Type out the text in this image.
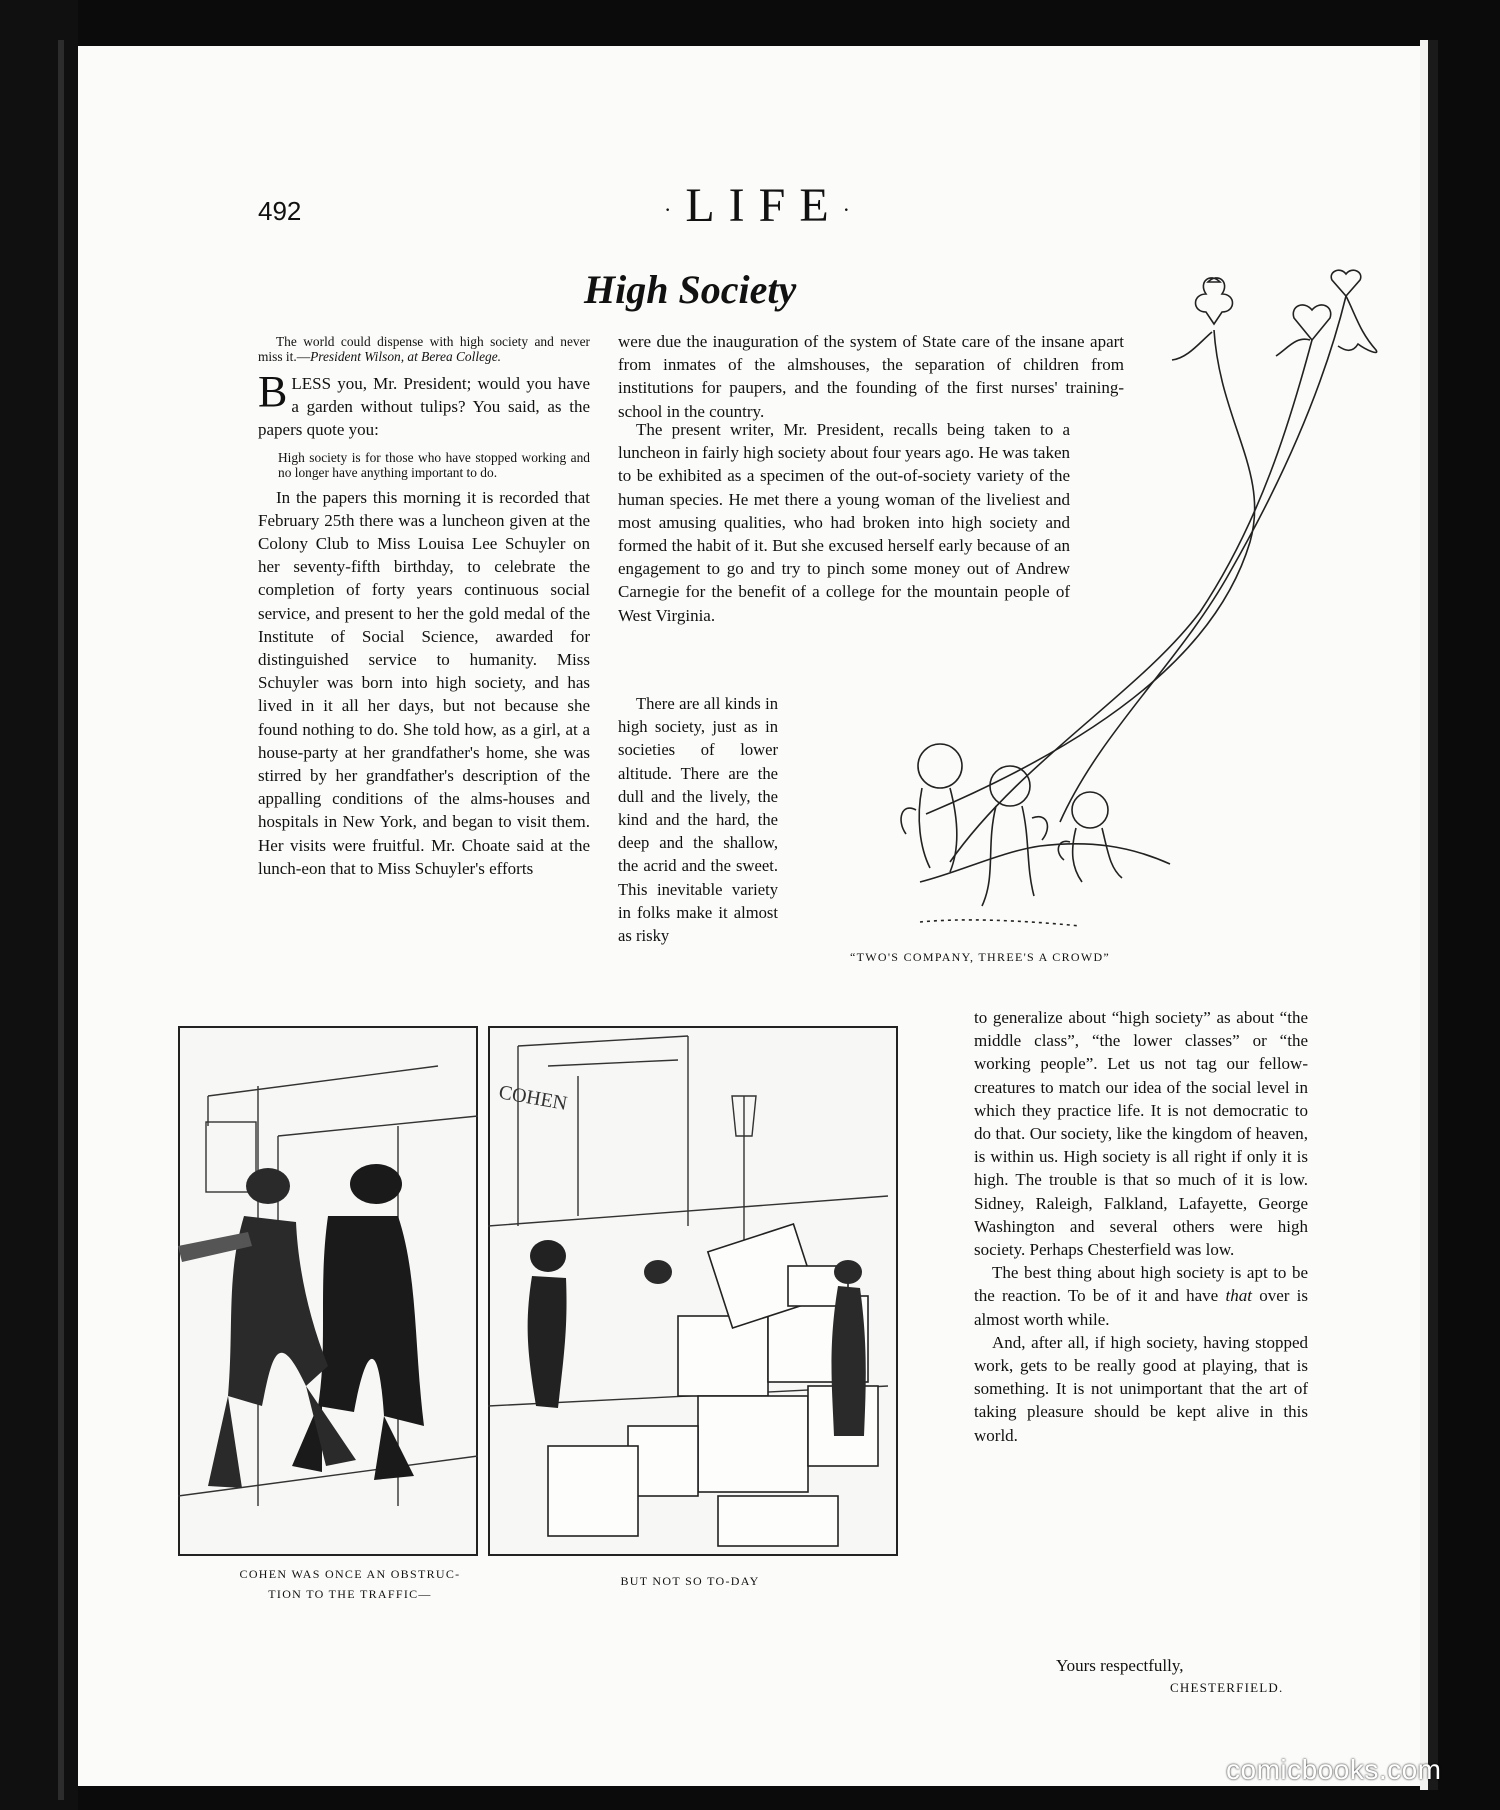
492	·LIFE·
High Society
The world could dispense with high society and never miss it.—President Wilson, at Berea College.

BLESS you, Mr. President; would you have a garden without tulips? You said, as the papers quote you:

High society is for those who have stopped working and no longer have anything important to do.

In the papers this morning it is recorded that February 25th there was a luncheon given at the Colony Club to Miss Louisa Lee Schuyler on her seventy-fifth birthday, to celebrate the completion of forty years continuous social service, and present to her the gold medal of the Institute of Social Science, awarded for distinguished service to humanity. Miss Schuyler was born into high society, and has lived in it all her days, but not because she found nothing to do. She told how, as a girl, at a house-party at her grandfather's home, she was stirred by her grandfather's description of the appalling conditions of the alms-houses and hospitals in New York, and began to visit them. Her visits were fruitful. Mr. Choate said at the lunch-eon that to Miss Schuyler's efforts

were due the inauguration of the system of State care of the insane apart from inmates of the almshouses, the separation of children from institutions for paupers, and the founding of the first nurses' training-school in the country.

The present writer, Mr. President, recalls being taken to a luncheon in fairly high society about four years ago. He was taken to be exhibited as a specimen of the out-of-society variety of the human species. He met there a young woman of the liveliest and most amusing qualities, who had broken into high society and formed the habit of it. But she excused herself early because of an engagement to go and try to pinch some money out of Andrew Carnegie for the benefit of a college for the mountain people of West Virginia.

There are all kinds in high society, just as in societies of lower altitude. There are the dull and the lively, the kind and the hard, the deep and the shallow, the acrid and the sweet. This inevitable variety in folks make it almost as risky

“TWO'S COMPANY, THREE'S A CROWD”

to generalize about “high society” as about “the middle class”, “the lower classes” or “the working people”. Let us not tag our fellow-creatures to match our idea of the social level in which they practice life. It is not democratic to do that. Our society, like the kingdom of heaven, is within us. High society is all right if only it is high. The trouble is that so much of it is low. Sidney, Raleigh, Falkland, Lafayette, George Washington and several others were high society. Perhaps Chesterfield was low.

The best thing about high society is apt to be the reaction. To be of it and have that over is almost worth while.

And, after all, if high society, having stopped work, gets to be really good at playing, that is something. It is not unimportant that the art of taking pleasure should be kept alive in this world.

Yours respectfully,
CHESTERFIELD.
COHEN
COHEN WAS ONCE AN OBSTRUC-
TION TO THE TRAFFIC—
BUT NOT SO TO-DAY
comicbooks.com
